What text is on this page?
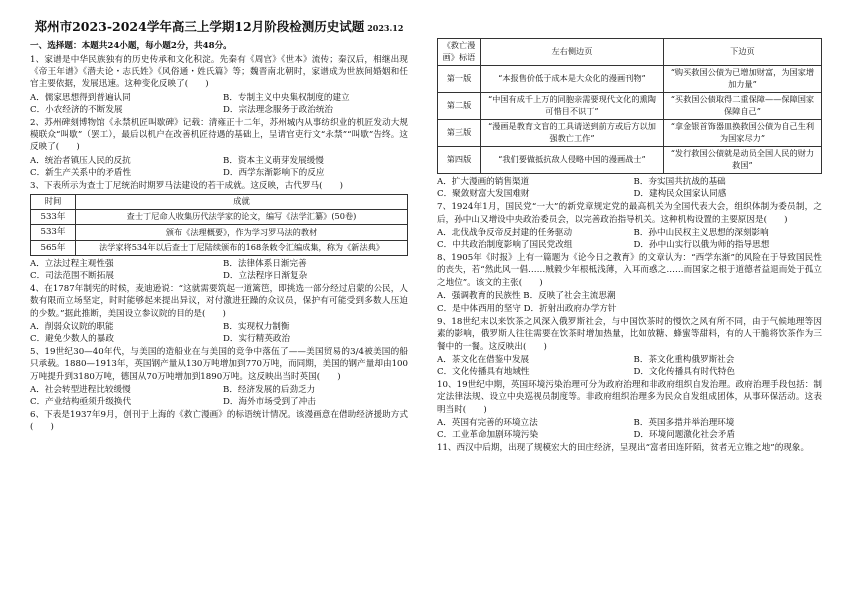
郑州市2023-2024学年高三上学期12月阶段检测历史试题 2023.12
一、选择题：本题共24小题，每小题2分，共48分。

1、家谱是中华民族独有的历史传承和文化积淀。先秦有《周官》《世本》流传；秦汉后，相继出现《帝王年谱》《潜夫论・志氏姓》《风俗通・姓氏篇》等；魏晋南北朝时，家谱成为世族间婚姻和任官主要依据，发展迅速。这种变化反映了(　　)

A．儒家思想得到普遍认同	B．专制主义中央集权制度的建立
C．小农经济的不断发展	D．宗法理念服务于政治统治

2、苏州碑刻博物馆《永禁机匠叫歇碑》记载：清雍正十二年，苏州城内从事纺织业的机匠发动大规模联众“叫歇”（罢工），最后以机户在改善机匠待遇的基础上，呈请官吏行文“永禁”“叫歇”告终。这反映了(　　)

A．统治者镇压人民的反抗	B．资本主义萌芽发展缓慢
C．新生产关系中的矛盾性	D．西学东渐影响下的反应

3、下表所示为查士丁尼统治时期罗马法建设的若干成就。这反映，古代罗马(　　)

时间	成就
533年	查士丁尼命人收集历代法学家的论文，编写《法学汇纂》(50卷)
533年	颁布《法理概要》，作为学习罗马法的教材
565年	法学家将534年以后查士丁尼陆续颁布的168条敕令汇编成集，称为《新法典》
A．立法过程主观性强	B．法律体系日渐完善
C．司法范围不断拓展	D．立法程序日渐复杂

4、在1787年制宪的时候，麦迪逊说：“这就需要筑起一道篱笆，即挑选一部分经过启蒙的公民，人数有限而立场坚定，时时能够起来提出异议，对付激进狂躁的众议员，保护有可能受到多数人压迫的少数。”据此推断，美国设立参议院的目的是(　　)

A．削弱众议院的职能	B．实现权力制衡
C．避免少数人的暴政	D．实行精英政治

5、19世纪30—40年代，与美国的造船业在与美国的竞争中落伍了——美国贸易的3/4被美国的船只承载。1880—1913年，英国钢产量从130万吨增加到770万吨，而同期，美国的钢产量却由100万吨提升到3180万吨，德国从70万吨增加到1890万吨。这反映出当时英国(　　)

A．社会转型进程比较缓慢	B．经济发展的后劲乏力
C．产业结构亟须升级换代	D．海外市场受到了冲击

6、下表是1937年9月，创刊于上海的《救亡漫画》的标语统计情况。该漫画意在借助经济援助方式(　　)

《救亡漫画》标语	左右侧边页	下边页
第一版	“本报售价低于成本是大众化的漫画刊物”	“购买救国公债为已增加财富，为国家增加力量”
第二版	“中国有成千上万的同胞亲需要现代文化的熏陶可惜目不识丁”	“买救国公债取得二重保障——保障国家保障自己”
第三版	“漫画是教育文盲的工具请送到前方或后方以加强教亡工作”	“拿金银首饰器皿换救国公债为自己生利为国家尽力”
第四版	“我们要做抵抗敌人侵略中国的漫画战士”	“发行救国公债就是动员全国人民的财力救国”
A．扩大漫画的销售渠道	B．夯实国共抗战的基础
C．聚敛财富大发国难财	D．建构民众国家认同感

7、1924年1月，国民党“一大”的新党章规定党的最高机关为全国代表大会，组织体制为委员制，之后，孙中山又增设中央政治委员会，以完善政治指导机关。这种机构设置的主要原因是(　　)

A．北伐战争反帝反封建的任务驱动	B．孙中山民权主义思想的深刻影响
C．中共政治制度影响了国民党改组	D．孙中山实行以俄为师的指导思想

8、1905年《时报》上有一篇题为《论今日之教育》的文章认为：“西学东渐”的风险在于导致国民性的丧失，若“然此风一倡……贼毅少年根柢浅薄，入耳而惑之……而国家之根于道德者益退而处于孤立之地位”。该文的主张(　　)

A．强调教育的民族性 B．反映了社会主流思潮
C．是中体西用的坚守 D．折射出政府办学方针

9、18世纪末以来饮茶之风深入俄罗斯社会，与中国饮茶时的慢饮之风有所不同，由于气候地理等因素的影响，俄罗斯人往往需要在饮茶时增加热量，比如放糖、蜂蜜等甜料，有的人干脆将饮茶作为三餐中的一餐。这反映出(　　)

A．茶文化在借鉴中发展	B．茶文化重构俄罗斯社会
C．文化传播具有地域性	D．文化传播具有时代特色

10、19世纪中期，英国环境污染治理可分为政府治理和非政府组织自发治理。政府治理手段包括：制定法律法规、设立中央巡视员制度等。非政府组织治理多为民众自发组成团体，从事环保活动。这表明当时(　　)

A．英国有完善的环境立法	B．英国多措并举治理环境
C．工业革命加剧环境污染	D．环境问题激化社会矛盾

11、西汉中后期，出现了规模宏大的田庄经济，呈现出“富者田连阡陌，贫者无立锥之地”的现象。
